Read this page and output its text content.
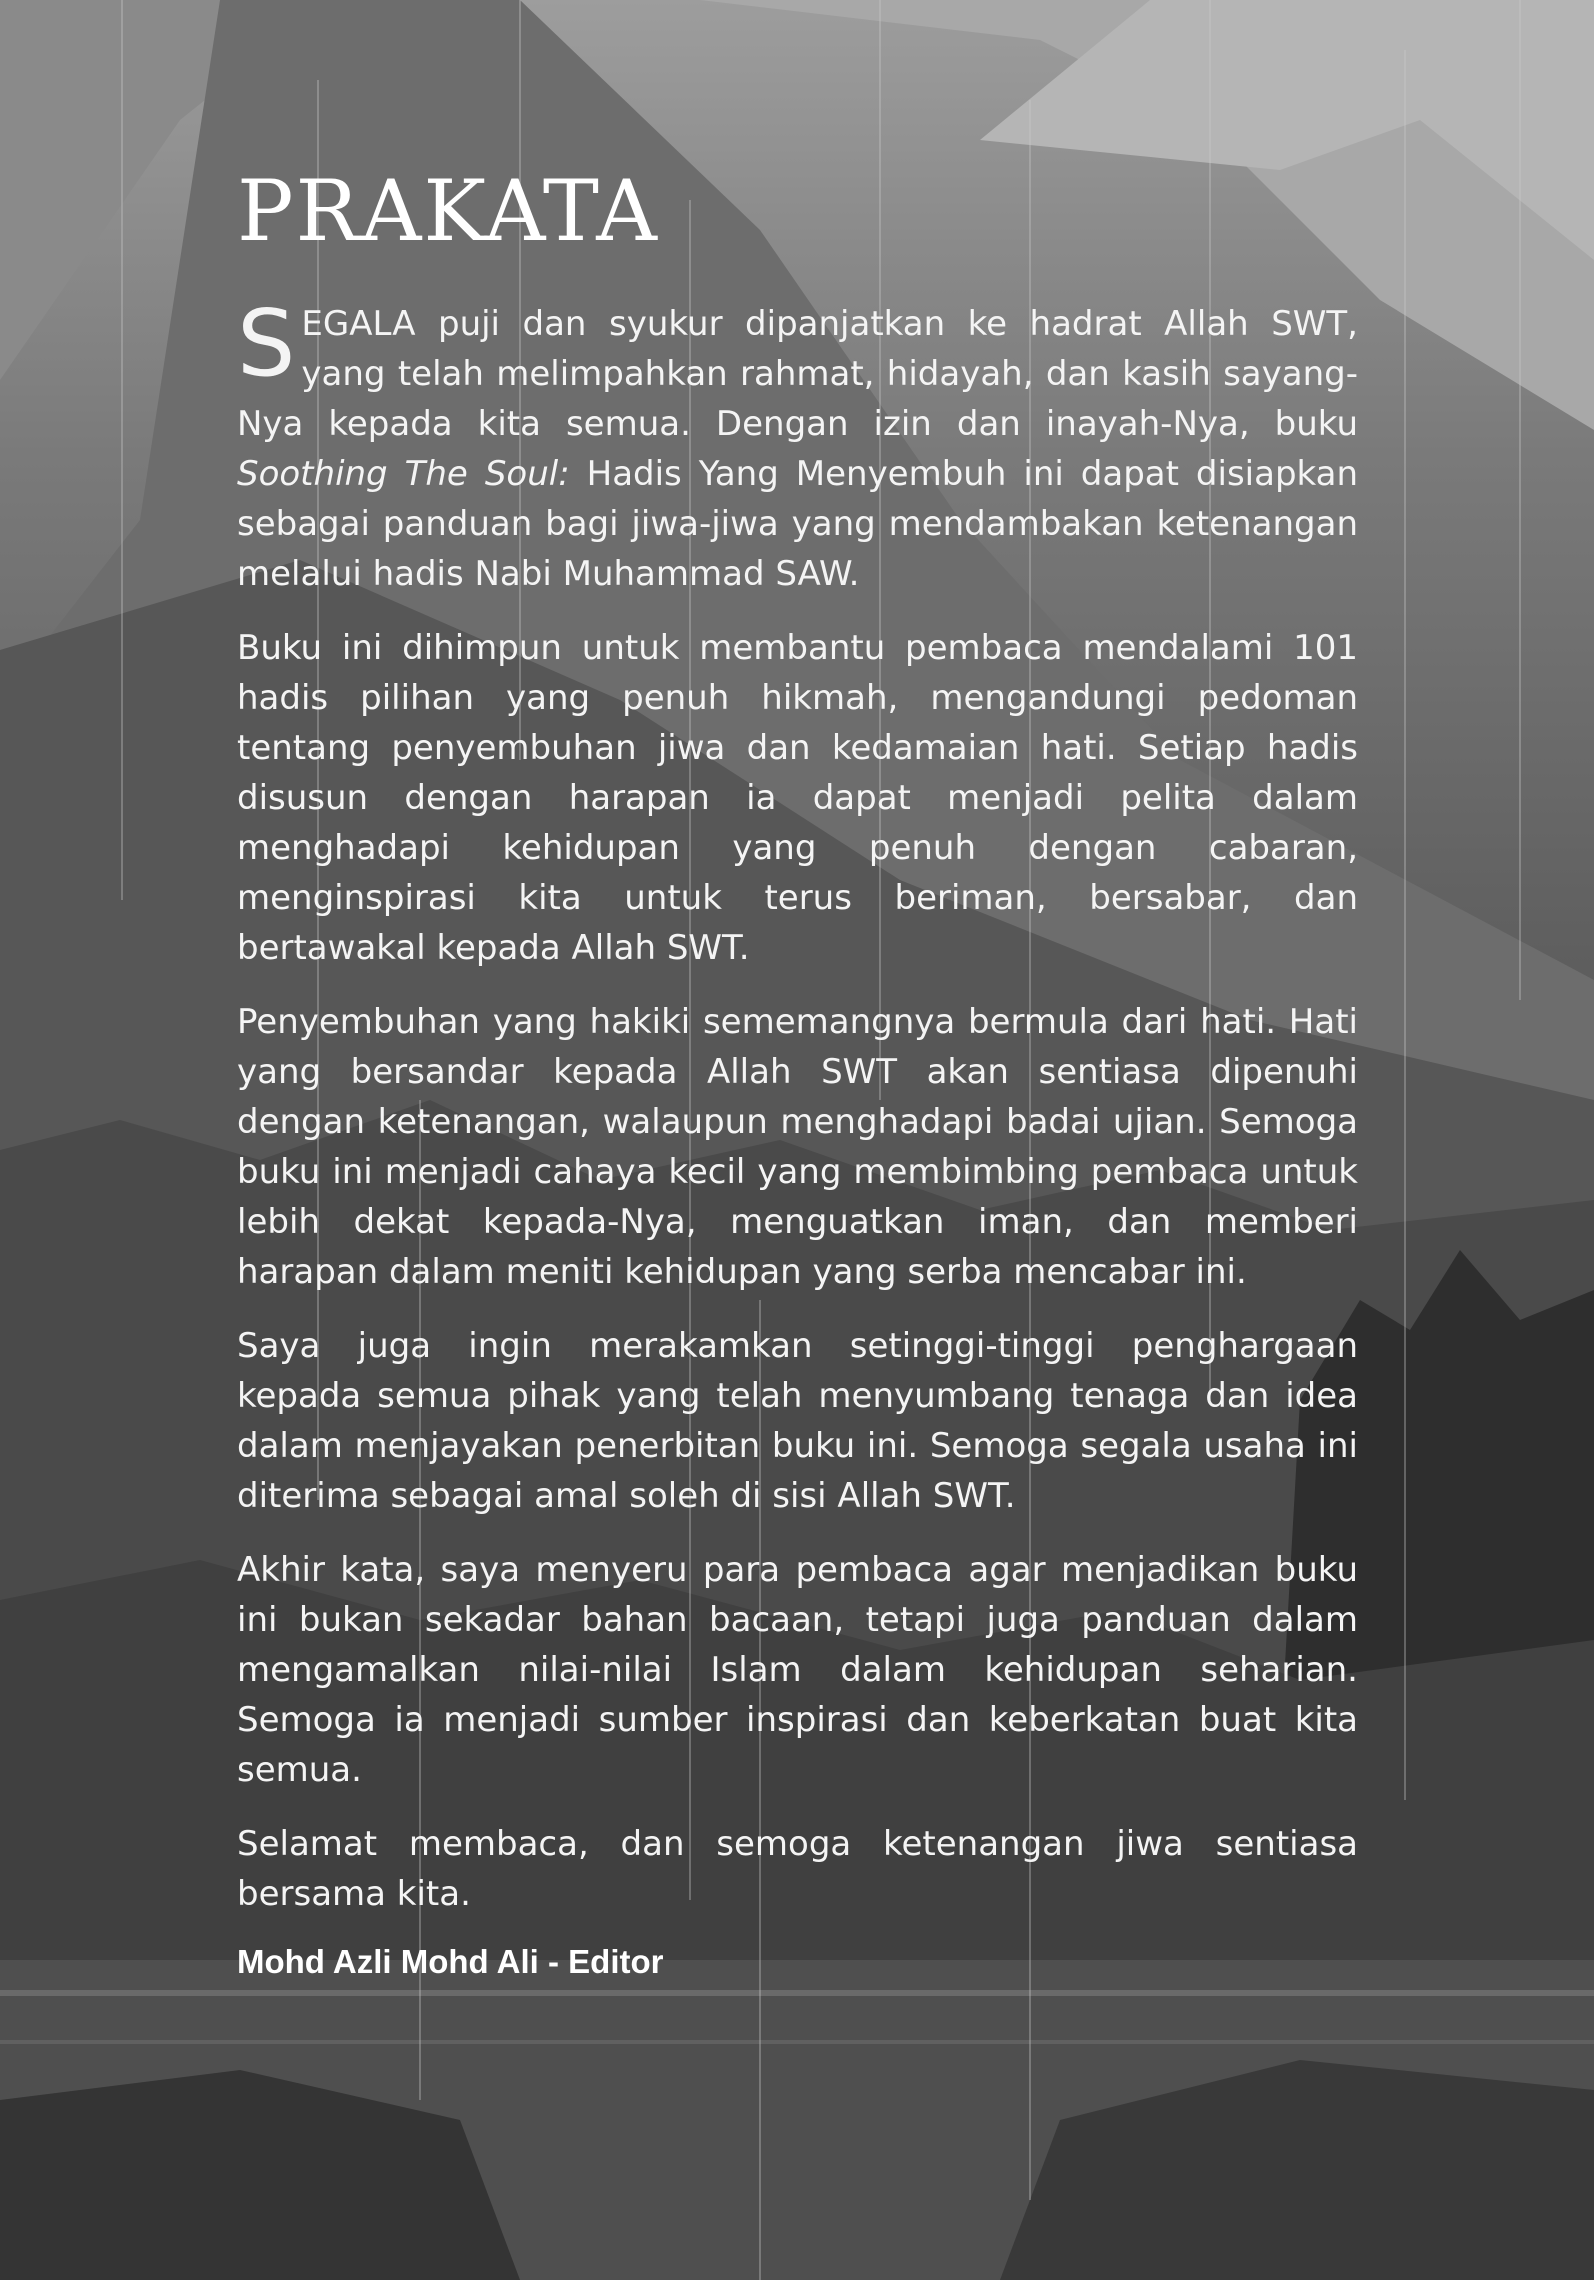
PRAKATA

SEGALA puji dan syukur dipanjatkan ke hadrat Allah SWT, yang telah melimpahkan rahmat, hidayah, dan kasih sayang-Nya kepada kita semua. Dengan izin dan inayah-Nya, buku Soothing The Soul: Hadis Yang Menyembuh ini dapat disiapkan sebagai panduan bagi jiwa-jiwa yang mendambakan ketenangan melalui hadis Nabi Muhammad SAW.

Buku ini dihimpun untuk membantu pembaca mendalami 101 hadis pilihan yang penuh hikmah, mengandungi pedoman tentang penyembuhan jiwa dan kedamaian hati. Setiap hadis disusun dengan harapan ia dapat menjadi pelita dalam menghadapi kehidupan yang penuh dengan cabaran, menginspirasi kita untuk terus beriman, bersabar, dan bertawakal kepada Allah SWT.

Penyembuhan yang hakiki sememangnya bermula dari hati. Hati yang bersandar kepada Allah SWT akan sentiasa dipenuhi dengan ketenangan, walaupun menghadapi badai ujian. Semoga buku ini menjadi cahaya kecil yang membimbing pembaca untuk lebih dekat kepada-Nya, menguatkan iman, dan memberi harapan dalam meniti kehidupan yang serba mencabar ini.

Saya juga ingin merakamkan setinggi-tinggi penghargaan kepada semua pihak yang telah menyumbang tenaga dan idea dalam menjayakan penerbitan buku ini. Semoga segala usaha ini diterima sebagai amal soleh di sisi Allah SWT.

Akhir kata, saya menyeru para pembaca agar menjadikan buku ini bukan sekadar bahan bacaan, tetapi juga panduan dalam mengamalkan nilai-nilai Islam dalam kehidupan seharian. Semoga ia menjadi sumber inspirasi dan keberkatan buat kita semua.

Selamat membaca, dan semoga ketenangan jiwa sentiasa bersama kita.

Mohd Azli Mohd Ali - Editor
